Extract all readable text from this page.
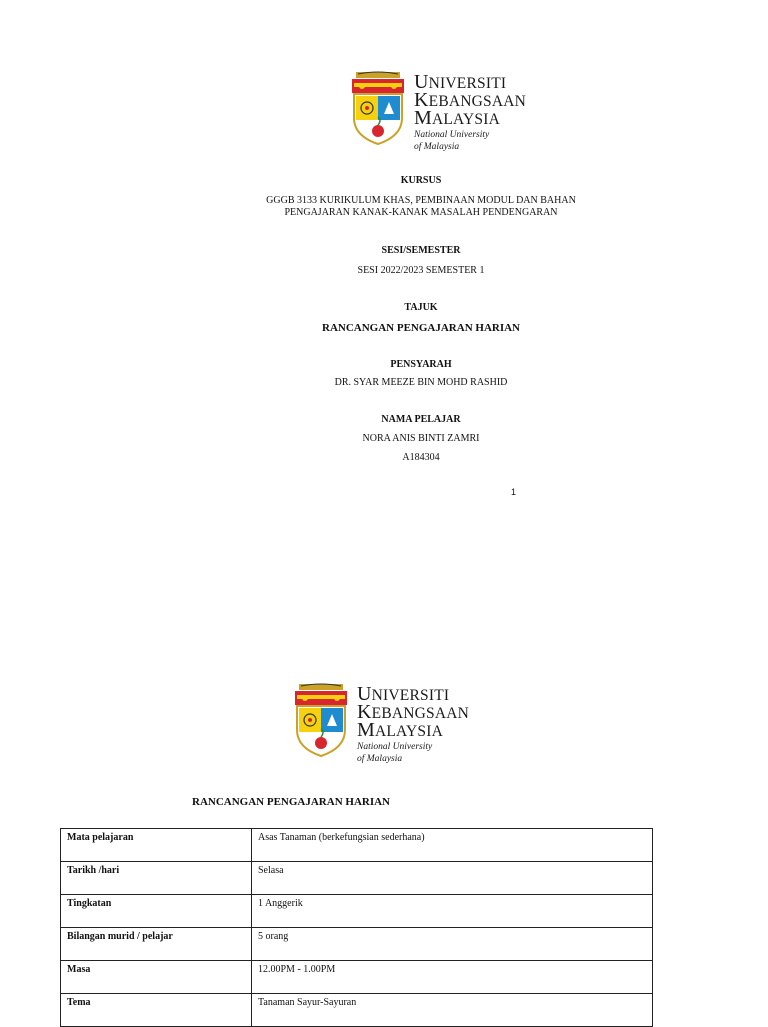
UNIVERSITI
KEBANGSAAN
MALAYSIA
National University
of Malaysia
KURSUS
GGGB 3133 KURIKULUM KHAS, PEMBINAAN MODUL DAN BAHAN
PENGAJARAN KANAK-KANAK MASALAH PENDENGARAN
SESI/SEMESTER
SESI 2022/2023 SEMESTER 1
TAJUK
RANCANGAN PENGAJARAN HARIAN
PENSYARAH
DR. SYAR MEEZE BIN MOHD RASHID
NAMA PELAJAR
NORA ANIS BINTI ZAMRI
A184304
1
UNIVERSITI
KEBANGSAAN
MALAYSIA
National University
of Malaysia
RANCANGAN PENGAJARAN HARIAN
Mata pelajaran	Asas Tanaman (berkefungsian sederhana)
Tarikh /hari	Selasa
Tingkatan	1 Anggerik
Bilangan murid / pelajar	5 orang
Masa	12.00PM - 1.00PM
Tema	Tanaman Sayur-Sayuran
